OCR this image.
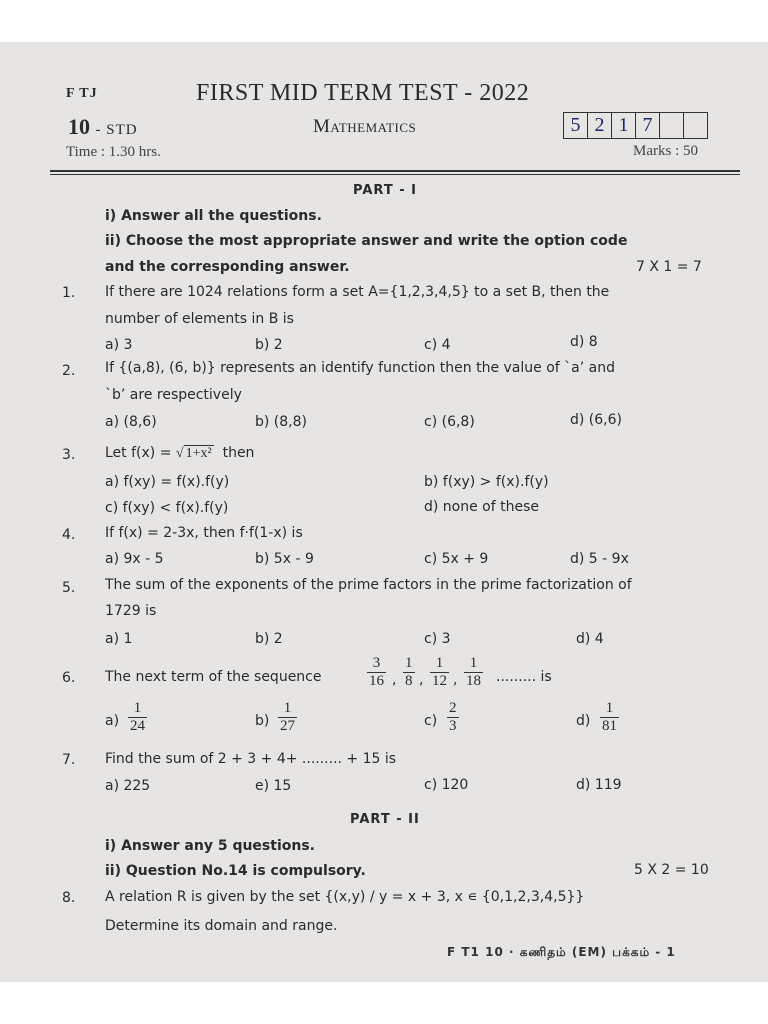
F TJ	FIRST MID TERM TEST - 2022
10 - STD	Mathematics	5 2 1 7
Time : 1.30 hrs.	Marks : 50
PART - I
i) Answer all the questions.
ii) Choose the most appropriate answer and write the option code
and the corresponding answer.	7 X 1 = 7
1. If there are 1024 relations form a set A={1,2,3,4,5} to a set B, then the
number of elements in B is
a) 3	b) 2	c) 4	d) 8
2. If {(a,8), (6, b)} represents an identify function then the value of `a’ and
`b’ are respectively
a) (8,6)	b) (8,8)	c) (6,8)	d) (6,6)
3. Let f(x) = √ 1+x² then
a) f(xy) = f(x).f(y)	b) f(xy) > f(x).f(y)
c) f(xy) < f(x).f(y)	d) none of these
4. If f(x) = 2-3x, then f·f(1-x) is
a) 9x - 5	b) 5x - 9	c) 5x + 9	d) 5 - 9x
5. The sum of the exponents of the prime factors in the prime factorization of
1729 is
a) 1	b) 2	c) 3	d) 4
6. The next term of the sequence	$\frac{3}{16}$ , $\frac{1}{8}$ , $\frac{1}{12}$ , $\frac{1}{18}$ ......... is
$a) \frac{1}{24}$	$b) \frac{1}{27}$	$c) \frac{2}{3}$	$d) \frac{1}{81}$
7. Find the sum of 2 + 3 + 4+ ......... + 15 is
a) 225	e) 15	c) 120	d) 119
PART - II
i) Answer any 5 questions.
ii) Question No.14 is compulsory.	5 X 2 = 10
8. A relation R is given by the set {(x,y) / y = x + 3, x ∊ {0,1,2,3,4,5}}
Determine its domain and range.
F T1 10 · கணிதம் (EM) பக்கம் - 1
